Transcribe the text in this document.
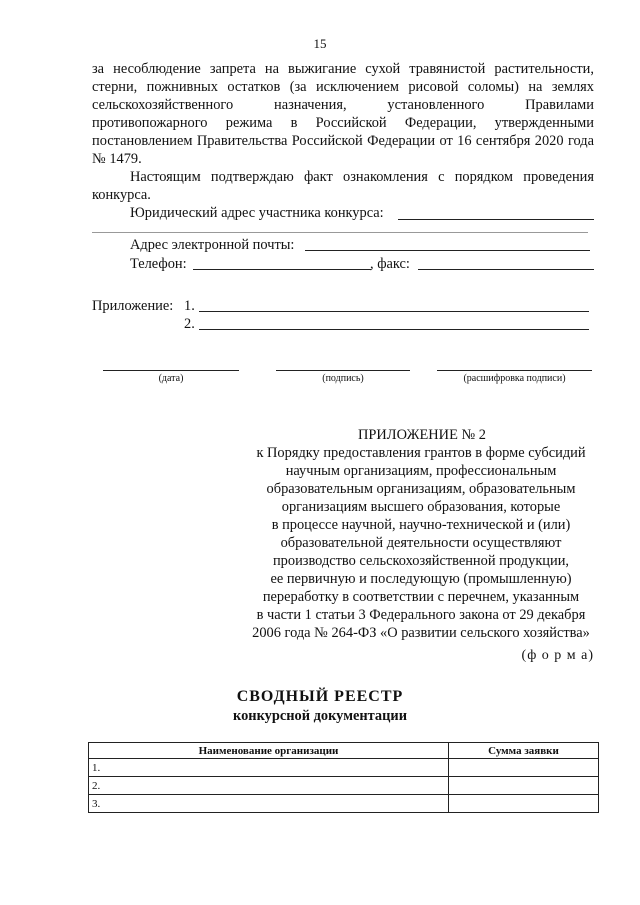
15

за несоблюдение запрета на выжигание сухой травянистой растительности, стерни, пожнивных остатков (за исключением рисовой соломы) на землях сельскохозяйственного назначения, установленного Правилами противопожарного режима в Российской Федерации, утвержденными постановлением Правительства Российской Федерации от 16 сентября 2020 года № 1479.

Настоящим подтверждаю факт ознакомления с порядком проведения конкурса.

Юридический адрес участника конкурса:
Адрес электронной почты:
Телефон:	, факс:
Приложение: 1.
2.
(дата)	(подпись)	(расшифровка подписи)
ПРИЛОЖЕНИЕ № 2
к Порядку предоставления грантов в форме субсидий
научным организациям, профессиональным
образовательным организациям, образовательным
организациям высшего образования, которые
в процессе научной, научно-технической и (или)
образовательной деятельности осуществляют
производство сельскохозяйственной продукции,
ее первичную и последующую (промышленную)
переработку в соответствии с перечнем, указанным
в части 1 статьи 3 Федерального закона от 29 декабря
2006 года № 264-ФЗ «О развитии сельского хозяйства»
(ф о р м а)
СВОДНЫЙ РЕЕСТР
конкурсной документации
Наименование организации	Сумма заявки
1.	
2.	
3.	
